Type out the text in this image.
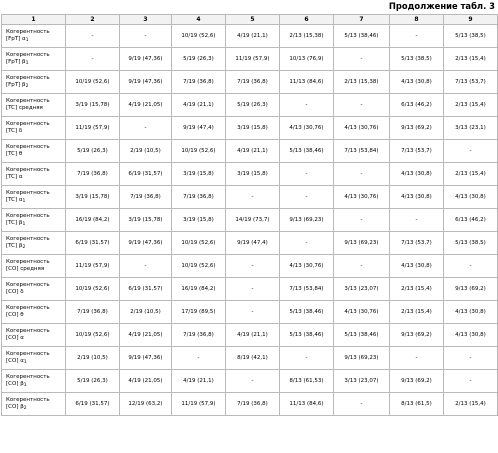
Продолжение табл. 3
1	2	3	4	5	6	7	8	9

Когерентность
[FpT] $\alpha_1$	-	-	10/19 (52,6)	4/19 (21,1)	2/13 (15,38)	5/13 (38,46)	-	5/13 (38,5)

Когерентность
[FpT] $\beta_1$	-	9/19 (47,36)	5/19 (26,3)	11/19 (57,9)	10/13 (76,9)	-	5/13 (38,5)	2/13 (15,4)

Когерентность
[FpT] $\beta_2$	10/19 (52,6)	9/19 (47,36)	7/19 (36,8)	7/19 (36,8)	11/13 (84,6)	2/13 (15,38)	4/13 (30,8)	7/13 (53,7)

Когерентность
[TC] средняя	3/19 (15,78)	4/19 (21,05)	4/19 (21,1)	5/19 (26,3)	-	-	6/13 (46,2)	2/13 (15,4)

Когерентность
[TC] δ	11/19 (57,9)	-	9/19 (47,4)	3/19 (15,8)	4/13 (30,76)	4/13 (30,76)	9/13 (69,2)	3/13 (23,1)

Когерентность
[TC] θ	5/19 (26,3)	2/19 (10,5)	10/19 (52,6)	4/19 (21,1)	5/13 (38,46)	7/13 (53,84)	7/13 (53,7)	-

Когерентность
[TC] α	7/19 (36,8)	6/19 (31,57)	3/19 (15,8)	3/19 (15,8)	-	-	4/13 (30,8)	2/13 (15,4)

Когерентность
[TC] $\alpha_1$	3/19 (15,78)	7/19 (36,8)	7/19 (36,8)	-	-	4/13 (30,76)	4/13 (30,8)	4/13 (30,8)

Когерентность
[TC] $\beta_1$	16/19 (84,2)	3/19 (15,78)	3/19 (15,8)	14/19 (73,7)	9/13 (69,23)	-	-	6/13 (46,2)

Когерентность
[TC] $\beta_2$	6/19 (31,57)	9/19 (47,36)	10/19 (52,6)	9/19 (47,4)	-	9/13 (69,23)	7/13 (53,7)	5/13 (38,5)

Когерентность
[CO] средняя	11/19 (57,9)	-	10/19 (52,6)	-	4/13 (30,76)	-	4/13 (30,8)	-

Когерентность
[CO] δ	10/19 (52,6)	6/19 (31,57)	16/19 (84,2)	-	7/13 (53,84)	3/13 (23,07)	2/13 (15,4)	9/13 (69,2)

Когерентность
[CO] θ	7/19 (36,8)	2/19 (10,5)	17/19 (89,5)	-	5/13 (38,46)	4/13 (30,76)	2/13 (15,4)	4/13 (30,8)

Когерентность
[CO] α	10/19 (52,6)	4/19 (21,05)	7/19 (36,8)	4/19 (21,1)	5/13 (38,46)	5/13 (38,46)	9/13 (69,2)	4/13 (30,8)

Когерентность
[CO] $\alpha_1$	2/19 (10,5)	9/19 (47,36)	-	8/19 (42,1)	-	9/13 (69,23)	-	-

Когерентность
[CO] $\beta_1$	5/19 (26,3)	4/19 (21,05)	4/19 (21,1)	-	8/13 (61,53)	3/13 (23,07)	9/13 (69,2)	-

Когерентность
[CO] $\beta_2$	6/19 (31,57)	12/19 (63,2)	11/19 (57,9)	7/19 (36,8)	11/13 (84,6)	-	8/13 (61,5)	2/13 (15,4)
